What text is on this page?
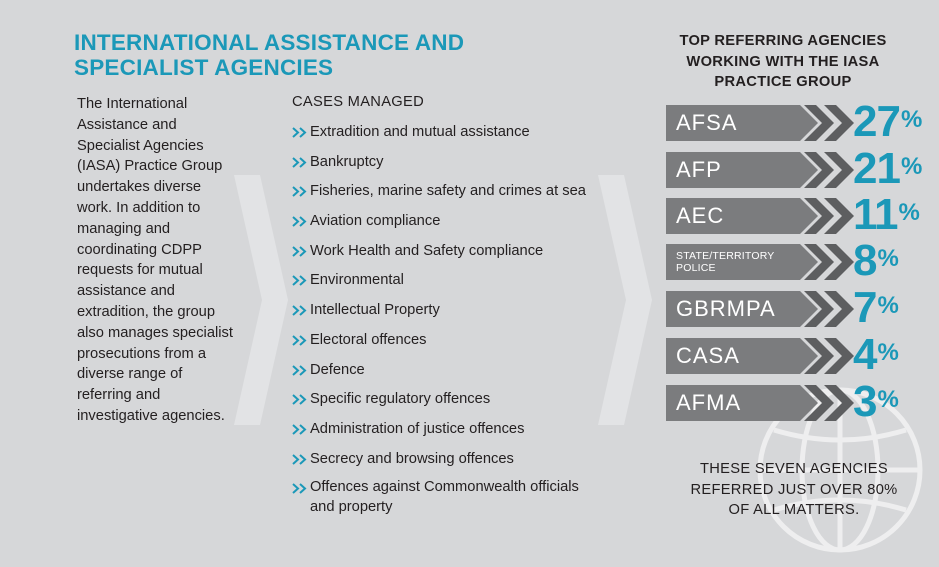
INTERNATIONAL ASSISTANCE AND SPECIALIST AGENCIES

The International Assistance and Specialist Agencies (IASA) Practice Group undertakes diverse work. In addition to managing and coordinating CDPP requests for mutual assistance and extradition, the group also manages specialist prosecutions from a diverse range of referring and investigative agencies.

CASES MANAGED
Extradition and mutual assistance
Bankruptcy
Fisheries, marine safety and crimes at sea
Aviation compliance
Work Health and Safety compliance
Environmental
Intellectual Property
Electoral offences
Defence
Specific regulatory offences
Administration of justice offences
Secrecy and browsing offences
Offences against Commonwealth officials and property
TOP REFERRING AGENCIES WORKING WITH THE IASA PRACTICE GROUP
AFSA	27%
AFP	21%
AEC	11%
STATE/TERRITORY POLICE	8%
GBRMPA 7%
CASA	4%
AFMA	3%

THESE SEVEN AGENCIES REFERRED JUST OVER 80% OF ALL MATTERS.
